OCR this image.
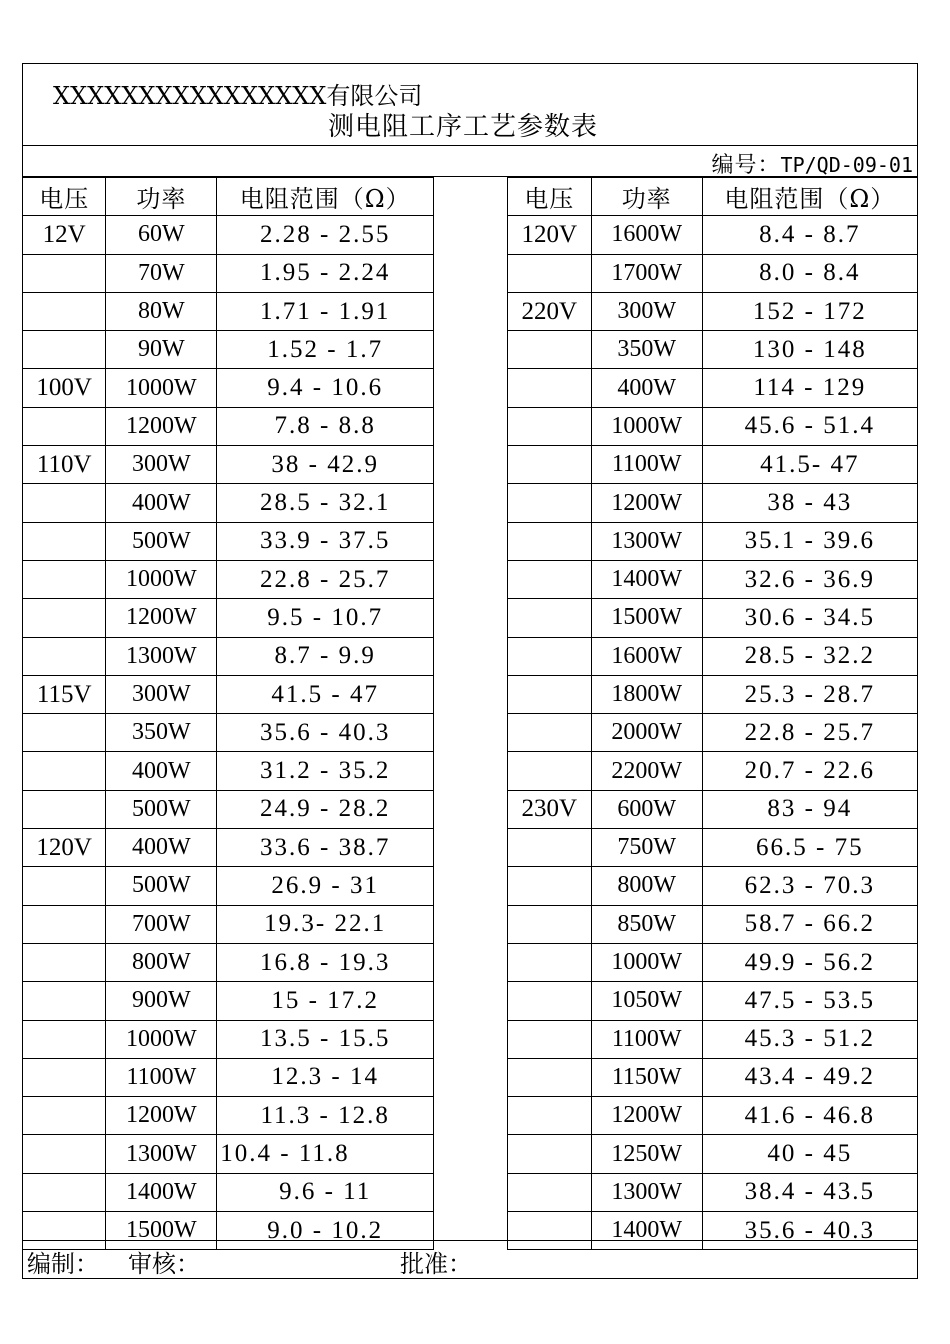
XXXXXXXXXXXXXXXX有限公司
测电阻工序工艺参数表
编号：TP/QD-09-01
电压	功率	电阻范围（Ω）		电压	功率	电阻范围（Ω）
12V	60W	2.28 - 2.55		120V	1600W	8.4 - 8.7
	70W	1.95 - 2.24			1700W	8.0 - 8.4
	80W	1.71 - 1.91		220V	300W	152 - 172
	90W	1.52 - 1.7			350W	130 - 148
100V	1000W	9.4 - 10.6			400W	114 - 129
	1200W	7.8 - 8.8			1000W	45.6 - 51.4
110V	300W	38 - 42.9			1100W	41.5- 47
	400W	28.5 - 32.1			1200W	38 - 43
	500W	33.9 - 37.5			1300W	35.1 - 39.6
	1000W	22.8 - 25.7			1400W	32.6 - 36.9
	1200W	9.5 - 10.7			1500W	30.6 - 34.5
	1300W	8.7 - 9.9			1600W	28.5 - 32.2
115V	300W	41.5 - 47			1800W	25.3 - 28.7
	350W	35.6 - 40.3			2000W	22.8 - 25.7
	400W	31.2 - 35.2			2200W	20.7 - 22.6
	500W	24.9 - 28.2		230V	600W	83 - 94
120V	400W	33.6 - 38.7			750W	66.5 - 75
	500W	26.9 - 31			800W	62.3 - 70.3
	700W	19.3- 22.1			850W	58.7 - 66.2
	800W	16.8 - 19.3			1000W	49.9 - 56.2
	900W	15 - 17.2			1050W	47.5 - 53.5
	1000W	13.5 - 15.5			1100W	45.3 - 51.2
	1100W	12.3 - 14			1150W	43.4 - 49.2
	1200W	11.3 - 12.8			1200W	41.6 - 46.8
	1300W	10.4 - 11.8			1250W	40 - 45
	1400W	9.6 - 11			1300W	38.4 - 43.5
	1500W	9.0 - 10.2			1400W	35.6 - 40.3
编制： 审核：	批准：
